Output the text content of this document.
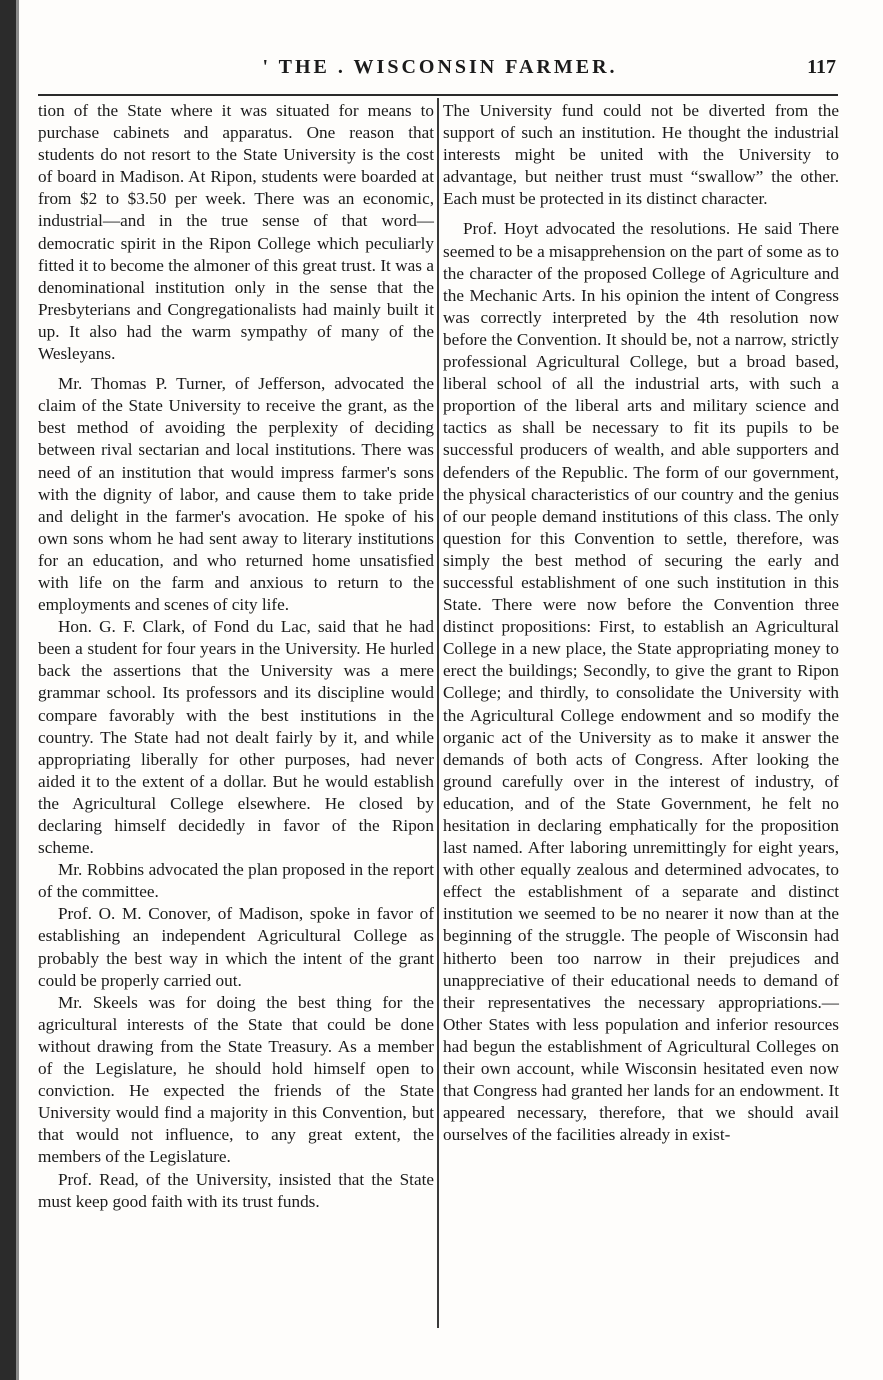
' THE . WISCONSIN FARMER.	117

tion of the State where it was situated for means to purchase cabinets and apparatus. One reason that students do not resort to the State University is the cost of board in Madison. At Ripon, students were boarded at from $2 to $3.50 per week. There was an economic, industrial—and in the true sense of that word—democratic spirit in the Ripon College which peculiarly fitted it to become the almoner of this great trust. It was a denominational institution only in the sense that the Presbyterians and Congregationalists had mainly built it up. It also had the warm sympathy of many of the Wesleyans.

Mr. Thomas P. Turner, of Jefferson, advocated the claim of the State University to receive the grant, as the best method of avoiding the perplexity of deciding between rival sectarian and local institutions. There was need of an institution that would impress farmer's sons with the dignity of labor, and cause them to take pride and delight in the farmer's avocation. He spoke of his own sons whom he had sent away to literary institutions for an education, and who returned home unsatisfied with life on the farm and anxious to return to the employments and scenes of city life.

Hon. G. F. Clark, of Fond du Lac, said that he had been a student for four years in the University. He hurled back the assertions that the University was a mere grammar school. Its professors and its discipline would compare favorably with the best institutions in the country. The State had not dealt fairly by it, and while appropriating liberally for other purposes, had never aided it to the extent of a dollar. But he would establish the Agricultural College elsewhere. He closed by declaring himself decidedly in favor of the Ripon scheme.

Mr. Robbins advocated the plan proposed in the report of the committee.

Prof. O. M. Conover, of Madison, spoke in favor of establishing an independent Agricultural College as probably the best way in which the intent of the grant could be properly carried out.

Mr. Skeels was for doing the best thing for the agricultural interests of the State that could be done without drawing from the State Treasury. As a member of the Legislature, he should hold himself open to conviction. He expected the friends of the State University would find a majority in this Convention, but that would not influence, to any great extent, the members of the Legislature.

Prof. Read, of the University, insisted that the State must keep good faith with its trust funds.

The University fund could not be diverted from the support of such an institution. He thought the industrial interests might be united with the University to advantage, but neither trust must “swallow” the other. Each must be protected in its distinct character.

Prof. Hoyt advocated the resolutions. He said There seemed to be a misapprehension on the part of some as to the character of the proposed College of Agriculture and the Mechanic Arts. In his opinion the intent of Congress was correctly interpreted by the 4th resolution now before the Convention. It should be, not a narrow, strictly professional Agricultural College, but a broad based, liberal school of all the industrial arts, with such a proportion of the liberal arts and military science and tactics as shall be necessary to fit its pupils to be successful producers of wealth, and able supporters and defenders of the Republic. The form of our government, the physical characteristics of our country and the genius of our people demand institutions of this class. The only question for this Convention to settle, therefore, was simply the best method of securing the early and successful establishment of one such institution in this State. There were now before the Convention three distinct propositions: First, to establish an Agricultural College in a new place, the State appropriating money to erect the buildings; Secondly, to give the grant to Ripon College; and thirdly, to consolidate the University with the Agricultural College endowment and so modify the organic act of the University as to make it answer the demands of both acts of Congress. After looking the ground carefully over in the interest of industry, of education, and of the State Government, he felt no hesitation in declaring emphatically for the proposition last named. After laboring unremittingly for eight years, with other equally zealous and determined advocates, to effect the establishment of a separate and distinct institution we seemed to be no nearer it now than at the beginning of the struggle. The people of Wisconsin had hitherto been too narrow in their prejudices and unappreciative of their educational needs to demand of their representatives the necessary appropriations.— Other States with less population and inferior resources had begun the establishment of Agricultural Colleges on their own account, while Wisconsin hesitated even now that Congress had granted her lands for an endowment. It appeared necessary, therefore, that we should avail ourselves of the facilities already in exist-
